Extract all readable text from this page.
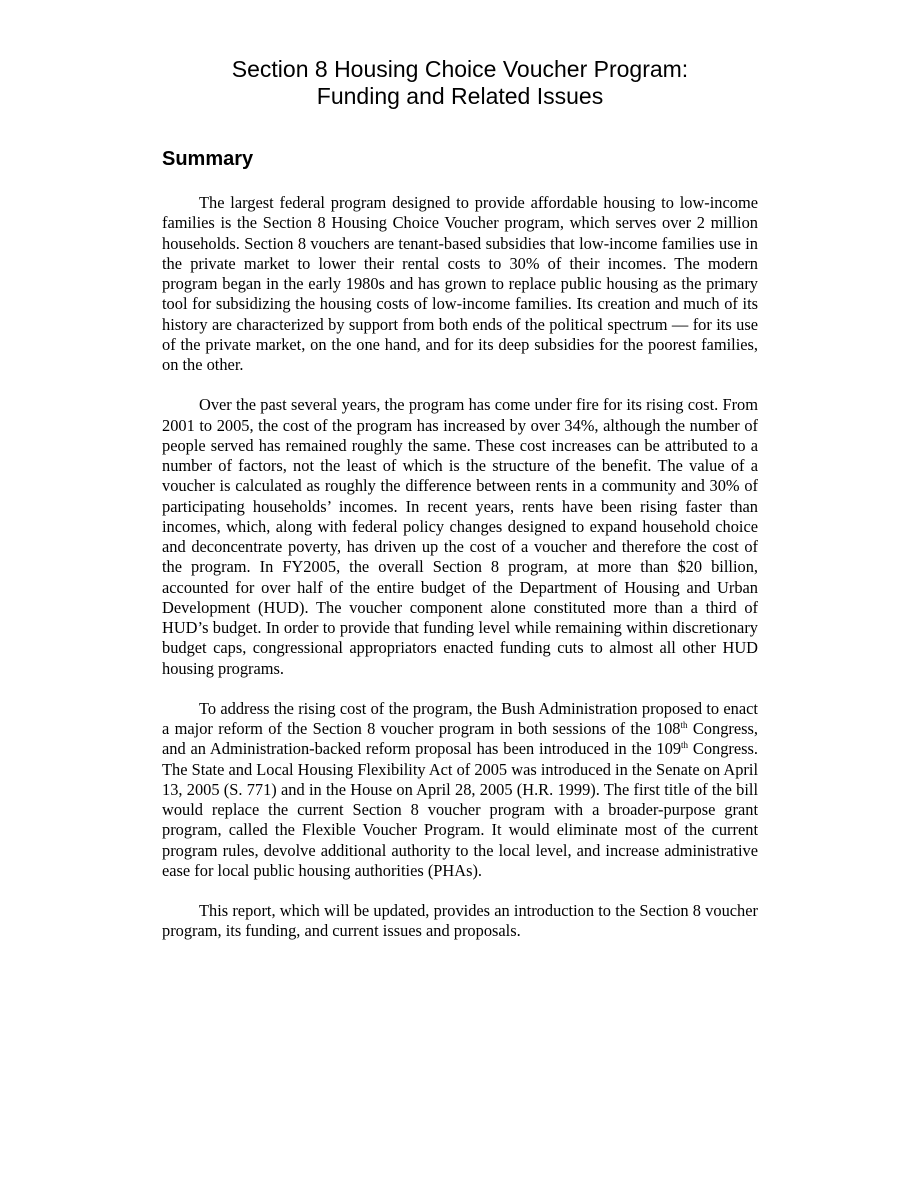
Section 8 Housing Choice Voucher Program:
Funding and Related Issues
Summary

The largest federal program designed to provide affordable housing to low-income families is the Section 8 Housing Choice Voucher program, which serves over 2 million households. Section 8 vouchers are tenant-based subsidies that low-income families use in the private market to lower their rental costs to 30% of their incomes. The modern program began in the early 1980s and has grown to replace public housing as the primary tool for subsidizing the housing costs of low-income families. Its creation and much of its history are characterized by support from both ends of the political spectrum — for its use of the private market, on the one hand, and for its deep subsidies for the poorest families, on the other.

Over the past several years, the program has come under fire for its rising cost. From 2001 to 2005, the cost of the program has increased by over 34%, although the number of people served has remained roughly the same. These cost increases can be attributed to a number of factors, not the least of which is the structure of the benefit. The value of a voucher is calculated as roughly the difference between rents in a community and 30% of participating households’ incomes. In recent years, rents have been rising faster than incomes, which, along with federal policy changes designed to expand household choice and deconcentrate poverty, has driven up the cost of a voucher and therefore the cost of the program. In FY2005, the overall Section 8 program, at more than $20 billion, accounted for over half of the entire budget of the Department of Housing and Urban Development (HUD). The voucher component alone constituted more than a third of HUD’s budget. In order to provide that funding level while remaining within discretionary budget caps, congressional appropriators enacted funding cuts to almost all other HUD housing programs.

To address the rising cost of the program, the Bush Administration proposed to enact a major reform of the Section 8 voucher program in both sessions of the 108th Congress, and an Administration-backed reform proposal has been introduced in the 109th Congress. The State and Local Housing Flexibility Act of 2005 was introduced in the Senate on April 13, 2005 (S. 771) and in the House on April 28, 2005 (H.R. 1999). The first title of the bill would replace the current Section 8 voucher program with a broader-purpose grant program, called the Flexible Voucher Program. It would eliminate most of the current program rules, devolve additional authority to the local level, and increase administrative ease for local public housing authorities (PHAs).

This report, which will be updated, provides an introduction to the Section 8 voucher program, its funding, and current issues and proposals.
